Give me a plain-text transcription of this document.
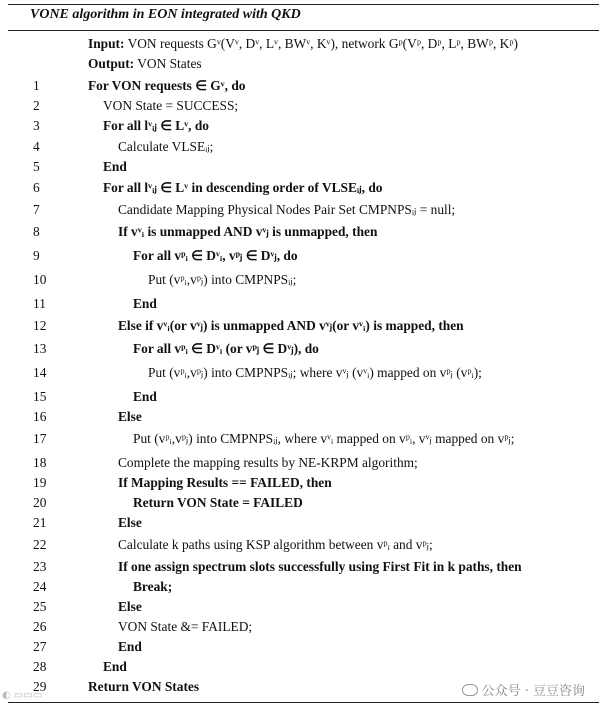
VONE algorithm in EON integrated with QKD
Input: VON requests Gᵛ(Vᵛ, Dᵛ, Lᵛ, BWᵛ, Kᵛ), network Gᵖ(Vᵖ, Dᵖ, Lᵖ, BWᵖ, Kᵖ)
Output: VON States
1	For VON requests ∈ Gᵛ, do
2	VON State = SUCCESS;
3	For all lᵛᵢⱼ ∈ Lᵛ, do
4	Calculate VLSEᵢⱼ;
5	End
6	For all lᵛᵢⱼ ∈ Lᵛ in descending order of VLSEᵢⱼ, do
7	Candidate Mapping Physical Nodes Pair Set CMPNPSᵢⱼ = null;
8	If vᵛᵢ is unmapped AND vᵛⱼ is unmapped, then
9	For all vᵖᵢ ∈ Dᵛᵢ, vᵖⱼ ∈ Dᵛⱼ, do
10	Put (vᵖᵢ,vᵖⱼ) into CMPNPSᵢⱼ;
11	End
12	Else if vᵛᵢ(or vᵛⱼ) is unmapped AND vᵛⱼ(or vᵛᵢ) is mapped, then
13	For all vᵖᵢ ∈ Dᵛᵢ (or vᵖⱼ ∈ Dᵛⱼ), do
14	Put (vᵖᵢ,vᵖⱼ) into CMPNPSᵢⱼ; where vᵛⱼ (vᵛᵢ) mapped on vᵖⱼ (vᵖᵢ);
15	End
16	Else
17	Put (vᵖᵢ,vᵖⱼ) into CMPNPSᵢⱼ, where vᵛᵢ mapped on vᵖᵢ, vᵛⱼ mapped on vᵖⱼ;
18	Complete the mapping results by NE-KRPM algorithm;
19	If Mapping Results == FAILED, then
20	Return VON State = FAILED
21	Else
22	Calculate k paths using KSP algorithm between vᵖᵢ and vᵖⱼ;
23	If one assign spectrum slots successfully using First Fit in k paths, then
24	Break;
25	Else
26	VON State &= FAILED;
27	End
28	End
29	Return VON States
◐ ▭▭▭	公众号 · 豆豆咨询
